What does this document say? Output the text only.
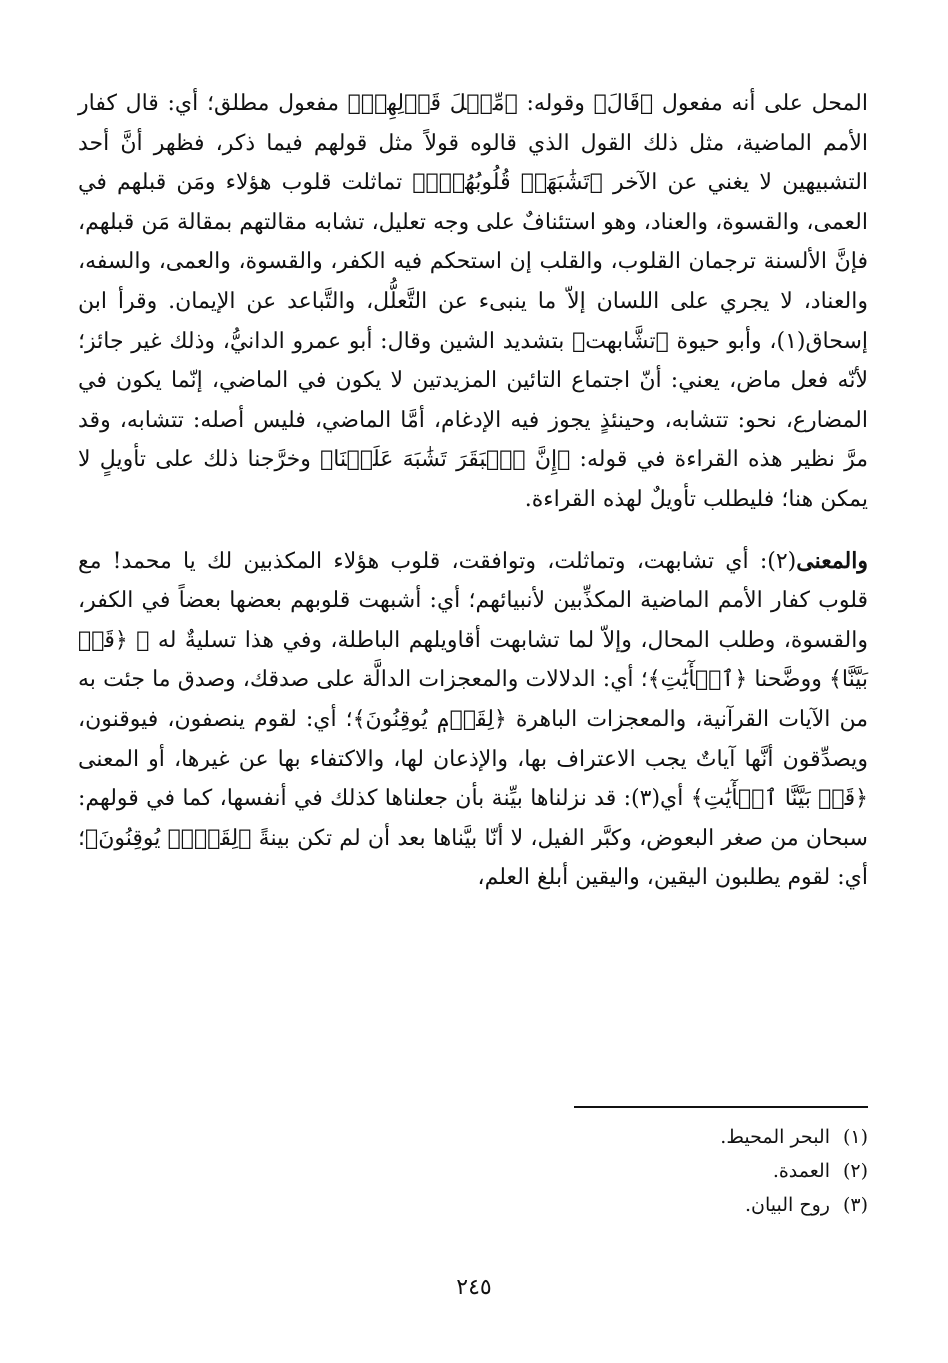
المحل على أنه مفعول ﴿قَالَ﴾ وقوله: ﴿مِّثۡلَ قَوۡلِهِمۡ﴾ مفعول مطلق؛ أي: قال كفار الأمم الماضية، مثل ذلك القول الذي قالوه قولاً مثل قولهم فيما ذكر، فظهر أنَّ أحد التشبيهين لا يغني عن الآخر ﴿تَشَٰبَهَتۡ قُلُوبُهُمۡۗ﴾ تماثلت قلوب هؤلاء ومَن قبلهم في العمى، والقسوة، والعناد، وهو استئنافٌ على وجه تعليل، تشابه مقالتهم بمقالة مَن قبلهم، فإنَّ الألسنة ترجمان القلوب، والقلب إن استحكم فيه الكفر، والقسوة، والعمى، والسفه، والعناد، لا يجري على اللسان إلاّ ما ينبىء عن التَّعلُّل، والتَّباعد عن الإيمان. وقرأ ابن إسحاق(١)، وأبو حيوة ﴿تشَّابهت﴾ بتشديد الشين وقال: أبو عمرو الدانيُّ، وذلك غير جائز؛ لأنّه فعل ماض، يعني: أنّ اجتماع التائين المزيدتين لا يكون في الماضي، إنّما يكون في المضارع، نحو: تتشابه، وحينئذٍ يجوز فيه الإدغام، أمَّا الماضي، فليس أصله: تتشابه، وقد مرَّ نظير هذه القراءة في قوله: ﴿إِنَّ ٱلۡبَقَرَ تَشَٰبَهَ عَلَيۡنَا﴾ وخرَّجنا ذلك على تأويلٍ لا يمكن هنا؛ فليطلب تأويلٌ لهذه القراءة.

والمعنى(٢): أي تشابهت، وتماثلت، وتوافقت، قلوب هؤلاء المكذبين لك يا محمد! مع قلوب كفار الأمم الماضية المكذِّبين لأنبيائهم؛ أي: أشبهت قلوبهم بعضها بعضاً في الكفر، والقسوة، وطلب المحال، وإلاّ لما تشابهت أقاويلهم الباطلة، وفي هذا تسليةٌ له ﷺ ﴿قَدۡ بَيَّنَّا﴾ ووضَّحنا ﴿ٱلۡأٓيَٰتِ﴾؛ أي: الدلالات والمعجزات الدالَّة على صدقك، وصدق ما جئت به من الآيات القرآنية، والمعجزات الباهرة ﴿لِقَوۡمٖ يُوقِنُونَ﴾؛ أي: لقوم ينصفون، فيوقنون، ويصدِّقون أنَّها آياتٌ يجب الاعتراف بها، والإذعان لها، والاكتفاء بها عن غيرها، أو المعنى ﴿قَدۡ بَيَّنَّا ٱلۡأٓيَٰتِ﴾ أي(٣): قد نزلناها بيِّنة بأن جعلناها كذلك في أنفسها، كما في قولهم: سبحان من صغر البعوض، وكبَّر الفيل، لا أنّا بيَّناها بعد أن لم تكن بينةً ﴿لِقَوۡمٖ يُوقِنُونَ﴾؛ أي: لقوم يطلبون اليقين، واليقين أبلغ العلم،

(١)البحر المحيط.
(٢)العمدة.
(٣)روح البيان.
٢٤٥
